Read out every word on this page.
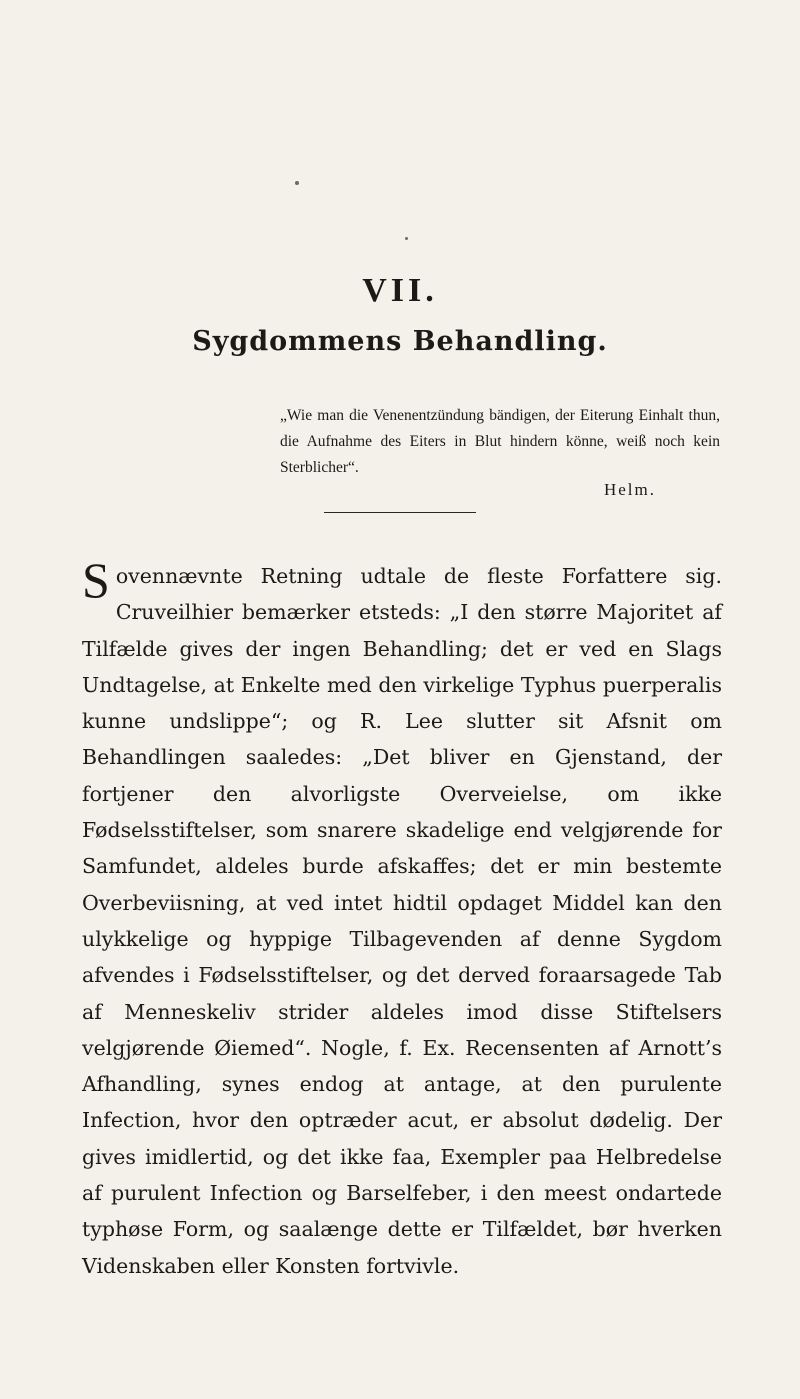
VII.
Sygdommens Behandling.
„Wie man die Venenentzündung bändigen, der Eiterung Einhalt thun, die Aufnahme des Eiters in Blut hindern könne, weiß noch kein Sterblicher“.
Helm.
S ovennævnte Retning udtale de fleste Forfattere sig. Cruveilhier bemærker etsteds: „I den større Majoritet af Tilfælde gives der ingen Behandling; det er ved en Slags Undtagelse, at Enkelte med den virkelige Typhus puerperalis kunne undslippe“; og R. Lee slutter sit Afsnit om Behandlingen saaledes: „Det bliver en Gjenstand, der fortjener den alvorligste Overveielse, om ikke Fødselsstiftelser, som snarere skadelige end velgjørende for Samfundet, aldeles burde afskaffes; det er min bestemte Overbeviisning, at ved intet hidtil opdaget Middel kan den ulykkelige og hyppige Tilbagevenden af denne Sygdom afvendes i Fødselsstiftelser, og det derved foraarsagede Tab af Menneskeliv strider aldeles imod disse Stiftelsers velgjørende Øiemed“. Nogle, f. Ex. Recensenten af Arnott’s Afhandling, synes endog at antage, at den purulente Infection, hvor den optræder acut, er absolut dødelig. Der gives imidlertid, og det ikke faa, Exempler paa Helbredelse af purulent Infection og Barselfeber, i den meest ondartede typhøse Form, og saalænge dette er Tilfældet, bør hverken Videnskaben eller Konsten fortvivle.
